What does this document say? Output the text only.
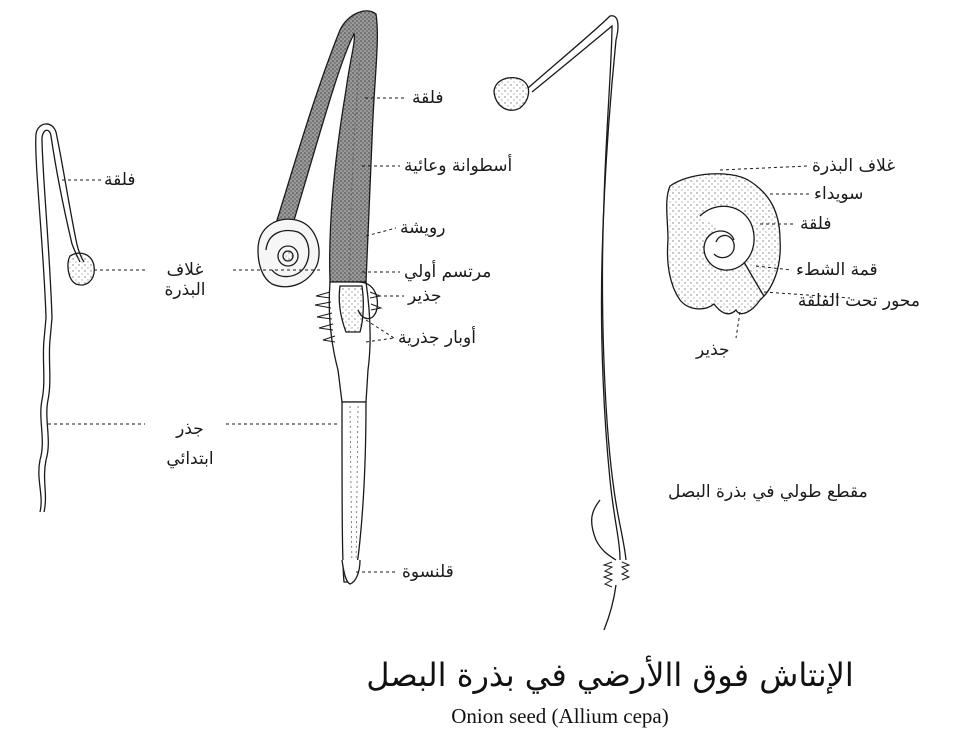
فلقة
غلاف البذرة
جذر ابتدائي
فلقة
أسطوانة وعائية
رويشة
مرتسم أولي
جذير
أوبار جذرية
قلنسوة
غلاف البذرة
سويداء
فلقة
قمة الشطء
محور تحت الفلقة
جذير
مقطع طولي في بذرة البصل
الإنتاش فوق االأرضي في بذرة البصل
Onion seed (Allium cepa)
